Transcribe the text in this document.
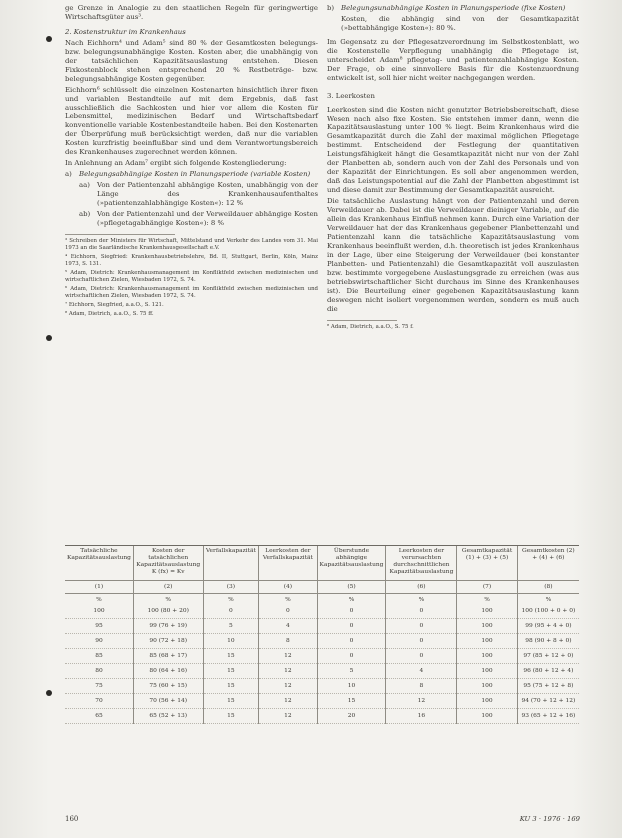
ge Grenze in Analogie zu den staatlichen Regeln für geringwertige Wirtschaftsgüter aus³.

2. Kostenstruktur im Krankenhaus

Nach Eichhorn⁴ und Adam⁵ sind 80 % der Gesamtkosten belegungs- bzw. belegungsunabhängige Kosten. Kosten aber, die unabhängig von der tatsächlichen Kapazitätsauslastung entstehen. Diesen Fixkostenblock stehen entsprechend 20 % Restbeträge- bzw. belegungsabhängige Kosten gegenüber.

Eichhorn⁶ schlüsselt die einzelnen Kostenarten hinsichtlich ihrer fixen und variablen Bestandteile auf mit dem Ergebnis, daß fast ausschließlich die Sachkosten und hier vor allem die Kosten für Lebensmittel, medizinischen Bedarf und Wirtschaftsbedarf konventionelle variable Kostenbestandteile haben. Bei den Kostenarten der Überprüfung muß berücksichtigt werden, daß nur die variablen Kosten kurzfristig beeinflußbar sind und dem Verantwortungsbereich des Krankenhauses zugerechnet werden können.

In Anlehnung an Adam⁷ ergibt sich folgende Kostengliederung:

a)	Belegungsabhängige Kosten in Planungsperiode (variable Kosten)
aa)	Von der Patientenzahl abhängige Kosten, unabhängig von der Länge des Krankenhausaufenthaltes (»patientenzahlabhängige Kosten«): 12 %
ab) Von der Patientenzahl und der Verweildauer abhängige Kosten (»pflegetagabhängige Kosten«): 8 %

³ Schreiben der Ministers für Wirtschaft, Mittelstand und Verkehr des Landes vom 31. Mai 1973 an die Saarländische Krankenhausgesellschaft e.V.

⁴ Eichhorn, Siegfried: Krankenhausbetriebslehre, Bd. II, Stuttgart, Berlin, Köln, Mainz 1973, S. 131.

⁵ Adam, Dietrich: Krankenhausmanagement im Konfliktfeld zwischen medizinischen und wirtschaftlichen Zielen, Wiesbaden 1972, S. 74.

⁶ Adam, Dietrich: Krankenhausmanagement im Konfliktfeld zwischen medizinischen und wirtschaftlichen Zielen, Wiesbaden 1972, S. 74.

⁷ Eichhorn, Siegfried, a.a.O., S. 121.

⁸ Adam, Dietrich, a.a.O., S. 75 ff.

b) Belegungsunabhängige Kosten in Planungsperiode (fixe Kosten)

Kosten, die abhängig sind von der Gesamtkapazität (»bettabhängige Kosten«): 80 %.

Im Gegensatz zu der Pflegesatzverordnung im Selbstkostenblatt, wo die Kostenstelle Verpflegung unabhängig die Pflegetage ist, unterscheidet Adam⁸ pflegetag- und patientenzahlabhängige Kosten. Der Frage, ob eine sinnvollere Basis für die Kostenzuordnung entwickelt ist, soll hier nicht weiter nachgegangen werden.

3. Leerkosten

Leerkosten sind die Kosten nicht genutzter Betriebsbereitschaft, diese Wesen nach also fixe Kosten. Sie entstehen immer dann, wenn die Kapazitätsauslastung unter 100 % liegt. Beim Krankenhaus wird die Gesamtkapazität durch die Zahl der maximal möglichen Pflegetage bestimmt. Entscheidend der Festlegung der quantitativen Leistungsfähigkeit hängt die Gesamtkapazität nicht nur von der Zahl der Planbetten ab, sondern auch von der Zahl des Personals und von der Kapazität der Einrichtungen. Es soll aber angenommen werden, daß das Leistungspotential auf die Zahl der Planbetten abgestimmt ist und diese damit zur Bestimmung der Gesamtkapazität ausreicht.

Die tatsächliche Auslastung hängt von der Patientenzahl und deren Verweildauer ab. Dabei ist die Verweildauer dieiniger Variable, auf die allein das Krankenhaus Einfluß nehmen kann. Durch eine Variation der Verweildauer hat der das Krankenhaus gegebener Planbettenzahl und Patientenzahl kann die tatsächliche Kapazitätsauslastung vom Krankenhaus beeinflußt werden, d.h. theoretisch ist jedes Krankenhaus in der Lage, über eine Steigerung der Verweildauer (bei konstanter Planbetten- und Patientenzahl) die Gesamtkapazität voll auszulasten bzw. bestimmte vorgegebene Auslastungsgrade zu erreichen (was aus betriebswirtschaftlicher Sicht durchaus im Sinne des Krankenhauses ist). Die Beurteilung einer gegebenen Kapazitätsauslastung kann deswegen nicht isoliert vorgenommen werden, sondern es muß auch die

⁸ Adam, Dietrich, a.a.O., S. 75 f.

Tatsächliche Kapazitätsauslastung	Kosten der tatsächlichen Kapazitätsauslastung K (fx) = Kv	Verfallskapazität	Leerkosten der Verfallskapazität	Überstunde abhängige Kapazitätsauslastung	Leerkosten der verursachten durchschnittlichen Kapazitätsauslastung	Gesamtkapazität (1) + (3) + (5)	Gesamtkosten (2) + (4) + (6)
(1)	(2)	(3)	(4)	(5)	(6)	(7)	(8)
%	%	%	%	%	%	%	%
100	100 (80 + 20)	0	0	0	0	100	100 (100 + 0 + 0)
95	99 (76 + 19)	5	4	0	0	100	99 (95 + 4 + 0)
90	90 (72 + 18)	10	8	0	0	100	98 (90 + 8 + 0)
85	85 (68 + 17)	15	12	0	0	100	97 (85 + 12 + 0)
80	80 (64 + 16)	15	12	5	4	100	96 (80 + 12 + 4)
75	75 (60 + 15)	15	12	10	8	100	95 (75 + 12 + 8)
70	70 (56 + 14)	15	12	15	12	100	94 (70 + 12 + 12)
65	65 (52 + 13)	15	12	20	16	100	93 (65 + 12 + 16)
160	KU 3 · 1976 · 169
